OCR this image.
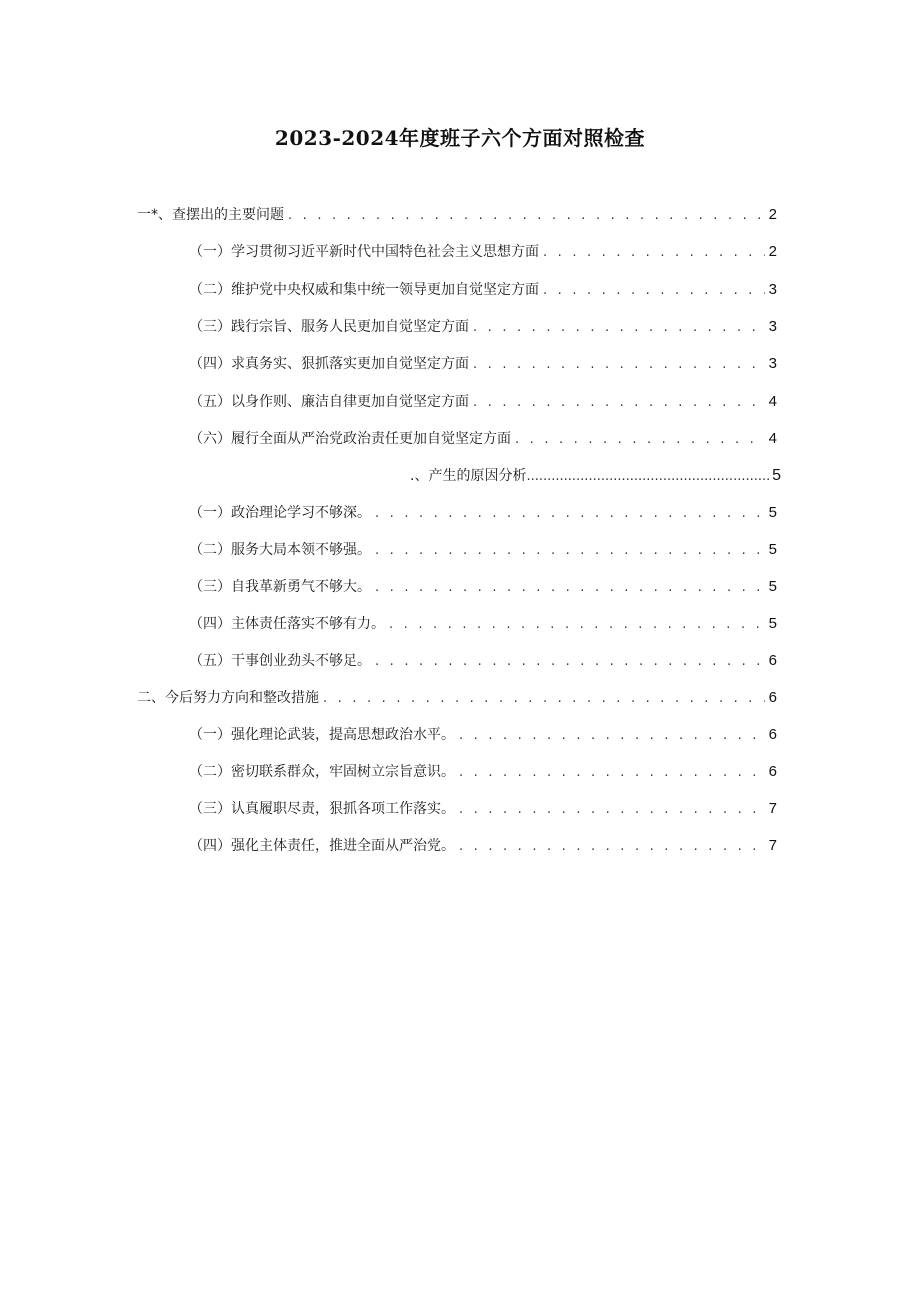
2023-2024年度班子六个方面对照检查
一*、查摆出的主要问题 . . .	2
（一）学习贯彻习近平新时代中国特色社会主义思想方面 . . .	2
（二）维护党中央权威和集中统一领导更加自觉坚定方面 . . .	3
（三）践行宗旨、服务人民更加自觉坚定方面 . . .	3
（四）求真务实、狠抓落实更加自觉坚定方面 . . .	3
（五）以身作则、廉洁自律更加自觉坚定方面 . . .	4
（六）履行全面从严治党政治责任更加自觉坚定方面 . . .	4
.、产生的原因分析 .....	5
（一）政治理论学习不够深。 . . .	5
（二）服务大局本领不够强。 . . .	5
（三）自我革新勇气不够大。 . . .	5
（四）主体责任落实不够有力。 . . .	5
（五）干事创业劲头不够足。 . . .	6
二、今后努力方向和整改措施 . . .	6
（一）强化理论武装，提高思想政治水平。 . . .	6
（二）密切联系群众，牢固树立宗旨意识。 . . .	6
（三）认真履职尽责，狠抓各项工作落实。 . . .	7
（四）强化主体责任，推进全面从严治党。 . . .	7
